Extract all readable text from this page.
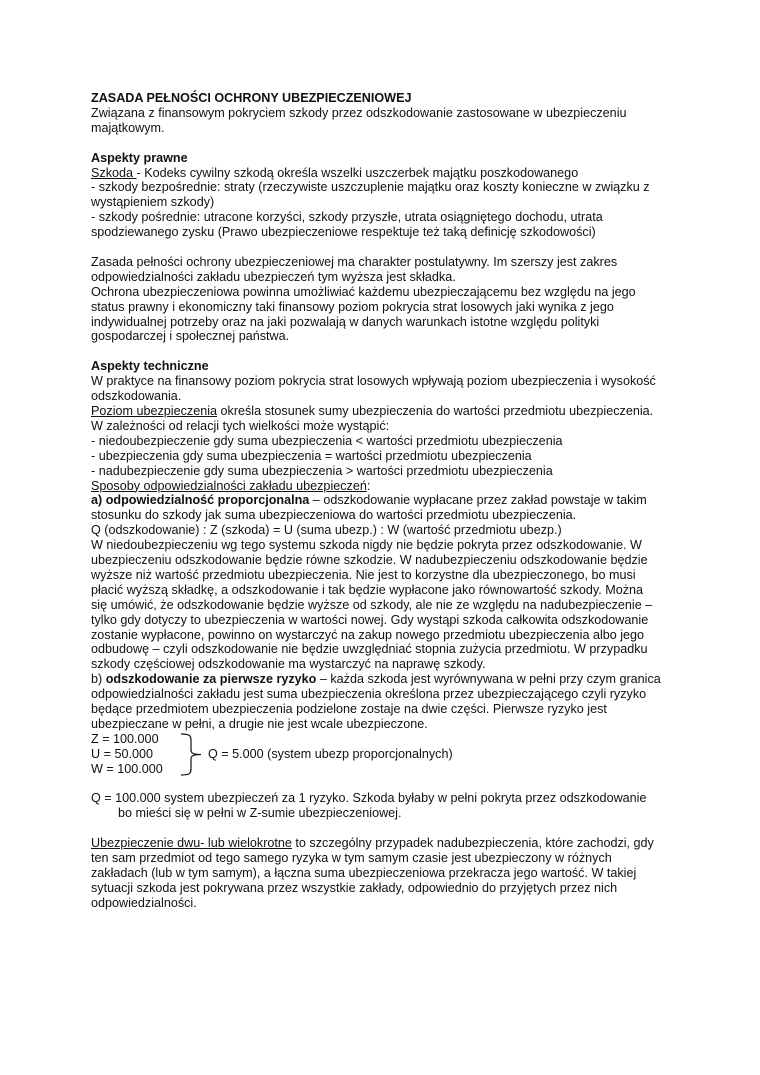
ZASADA PEŁNOŚCI OCHRONY UBEZPIECZENIOWEJ
Związana z finansowym pokryciem szkody przez odszkodowanie zastosowane w ubezpieczeniu
majątkowym.
Aspekty prawne
Szkoda - Kodeks cywilny szkodą określa wszelki uszczerbek majątku poszkodowanego
- szkody bezpośrednie: straty (rzeczywiste uszczuplenie majątku oraz koszty konieczne w związku z
wystąpieniem szkody)
- szkody pośrednie: utracone korzyści, szkody przyszłe, utrata osiągniętego dochodu, utrata
spodziewanego zysku (Prawo ubezpieczeniowe respektuje też taką definicję szkodowości)
Zasada pełności ochrony ubezpieczeniowej ma charakter postulatywny. Im szerszy jest zakres
odpowiedzialności zakładu ubezpieczeń tym wyższa jest składka.
Ochrona ubezpieczeniowa powinna umożliwiać każdemu ubezpieczającemu bez względu na jego
status prawny i ekonomiczny taki finansowy poziom pokrycia strat losowych jaki wynika z jego
indywidualnej potrzeby oraz na jaki pozwalają w danych warunkach istotne względu polityki
gospodarczej i społecznej państwa.
Aspekty techniczne
W praktyce na finansowy poziom pokrycia strat losowych wpływają poziom ubezpieczenia i wysokość
odszkodowania.
Poziom ubezpieczenia określa stosunek sumy ubezpieczenia do wartości przedmiotu ubezpieczenia.
W zależności od relacji tych wielkości może wystąpić:
- niedoubezpieczenie gdy suma ubezpieczenia < wartości przedmiotu ubezpieczenia
- ubezpieczenia gdy suma ubezpieczenia = wartości przedmiotu ubezpieczenia
- nadubezpieczenie gdy suma ubezpieczenia > wartości przedmiotu ubezpieczenia
Sposoby odpowiedzialności zakładu ubezpieczeń:
a) odpowiedzialność proporcjonalna – odszkodowanie wypłacane przez zakład powstaje w takim
stosunku do szkody jak suma ubezpieczeniowa do wartości przedmiotu ubezpieczenia.
Q (odszkodowanie) : Z (szkoda) = U (suma ubezp.) : W (wartość przedmiotu ubezp.)
W niedoubezpieczeniu wg tego systemu szkoda nigdy nie będzie pokryta przez odszkodowanie. W
ubezpieczeniu odszkodowanie będzie równe szkodzie. W nadubezpieczeniu odszkodowanie będzie
wyższe niż wartość przedmiotu ubezpieczenia. Nie jest to korzystne dla ubezpieczonego, bo musi
płacić wyższą składkę, a odszkodowanie i tak będzie wypłacone jako równowartość szkody. Można
się umówić, że odszkodowanie będzie wyższe od szkody, ale nie ze względu na nadubezpieczenie –
tylko gdy dotyczy to ubezpieczenia w wartości nowej. Gdy wystąpi szkoda całkowita odszkodowanie
zostanie wypłacone, powinno on wystarczyć na zakup nowego przedmiotu ubezpieczenia albo jego
odbudowę – czyli odszkodowanie nie będzie uwzględniać stopnia zużycia przedmiotu. W przypadku
szkody częściowej odszkodowanie ma wystarczyć na naprawę szkody.
b) odszkodowanie za pierwsze ryzyko – każda szkoda jest wyrównywana w pełni przy czym granica
odpowiedzialności zakładu jest suma ubezpieczenia określona przez ubezpieczającego czyli ryzyko
będące przedmiotem ubezpieczenia podzielone zostaje na dwie części. Pierwsze ryzyko jest
ubezpieczane w pełni, a drugie nie jest wcale ubezpieczone.
Z = 100.000
U = 50.000
W = 100.000
Q = 5.000 (system ubezp proporcjonalnych)
Q = 100.000 system ubezpieczeń za 1 ryzyko. Szkoda byłaby w pełni pokryta przez odszkodowanie
bo mieści się w pełni w Z-sumie ubezpieczeniowej.
Ubezpieczenie dwu- lub wielokrotne to szczególny przypadek nadubezpieczenia, które zachodzi, gdy
ten sam przedmiot od tego samego ryzyka w tym samym czasie jest ubezpieczony w różnych
zakładach (lub w tym samym), a łączna suma ubezpieczeniowa przekracza jego wartość. W takiej
sytuacji szkoda jest pokrywana przez wszystkie zakłady, odpowiednio do przyjętych przez nich
odpowiedzialności.
